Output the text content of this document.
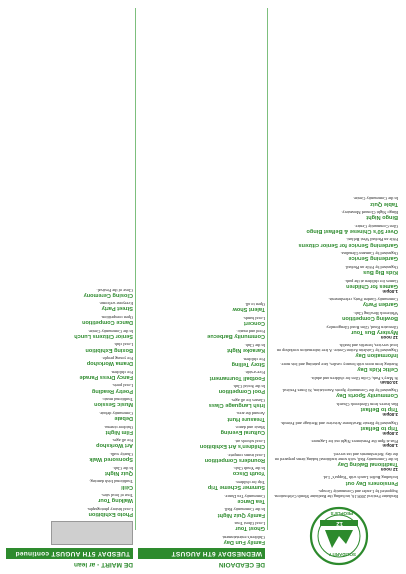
SOLIDARITY
PEOPLE'S
12
Bealtaine Festival 2008.16, including the Bealtaine Month Celebrations. Supported by Leader and Community Groups.
Pensioners Day out
Including Buffet Lunch with "Rappa's" Ltd.
12 noon
Traditional Baking Day
In the Community Hall, with some traditional baking items prepared on the day. Refreshments and tea served.
1.00pm
Plus at 8pm the Pensioners Night out for Lagmore.
2.00pm
Trip to Belfast
Organised by Bessie Hawthorne Artsview and Heritage and Friends.
3.00pm
Trip to Belfast
Bus leaves from Glenbrook Church.
Community Sports Day
Organised by the Community Sports Association, St Jones Festival.
10.00am
St Mary's Park, Colin Glen for children and adults.
Celtic Kids Day
Starting from noon with bouncy castles, face painting and lots more.
Information Day
Organised by Caisleán Action Centre. A free information workshop on local services, benefits and health.
12 noon
Mystery Bus Tour
Glencairn Road, Glen Road Glengormley.
Bowling Competition
Whiterock Bowling Club.
Garden Party
Community Garden Party, refreshments.
1.00pm
Games for Children
Games for children at the park.
Kids Big Bus
Organised by Féile an Phobail.
Gardening Service
Organised by Cumann Glenalina.
Gardening Service for Senior citizens
Féile an Phobail West Belfast.
Over 50's Chinese & Belfast Bingo
Glen Community Centre.
Bingo Night
Bingo Night Clonard Monastery.
Table Quiz
In the Community Centre.
DÉ CÉADAOIN
WEDNESDAY 6TH AUGUST
Family Fun Day
Children's entertainment.
Ghost Tour
Local Ghost Tour.
Family Quiz Night
In the Community Hall.
Tea Dance
Community Tea Dance.
Summer Scheme Trip
Trip for children.
Youth Disco
In the Youth Club.
Rounders Competition
Local teams compete.
Children's Art Exhibition
Local schools art.
Cultural Evening
Music and dance.
Treasure Hunt
Around the area.
Irish Language Class
Classes for all ages.
Pool Competition
In the Social Club.
Football Tournament
Five-a-side.
Story Telling
For children.
Karaoke Night
In the Club.
Community Barbecue
Food and music.
Concert
Local bands.
Talent Show
Open to all.
DÉ MÁIRT - ar lean
TUESDAY 5TH AUGUST continued
Photo Exhibition
Local history photographs.
Walking Tour
Tour of local sites.
Céilí
Traditional Irish dancing.
Quiz Night
In the Club.
Sponsored Walk
Charity walk.
Art Workshop
For all ages.
Film Night
Outdoor cinema.
Debate
Community debate.
Music Session
Traditional music.
Poetry Reading
Local poets.
Fancy Dress Parade
For children.
Drama Workshop
For young people.
Boxing Exhibition
Local club.
Senior Citizens Lunch
In the Community Centre.
Dance Competition
Open competition.
Street Party
Everyone welcome.
Closing Ceremony
Close of the Festival.
